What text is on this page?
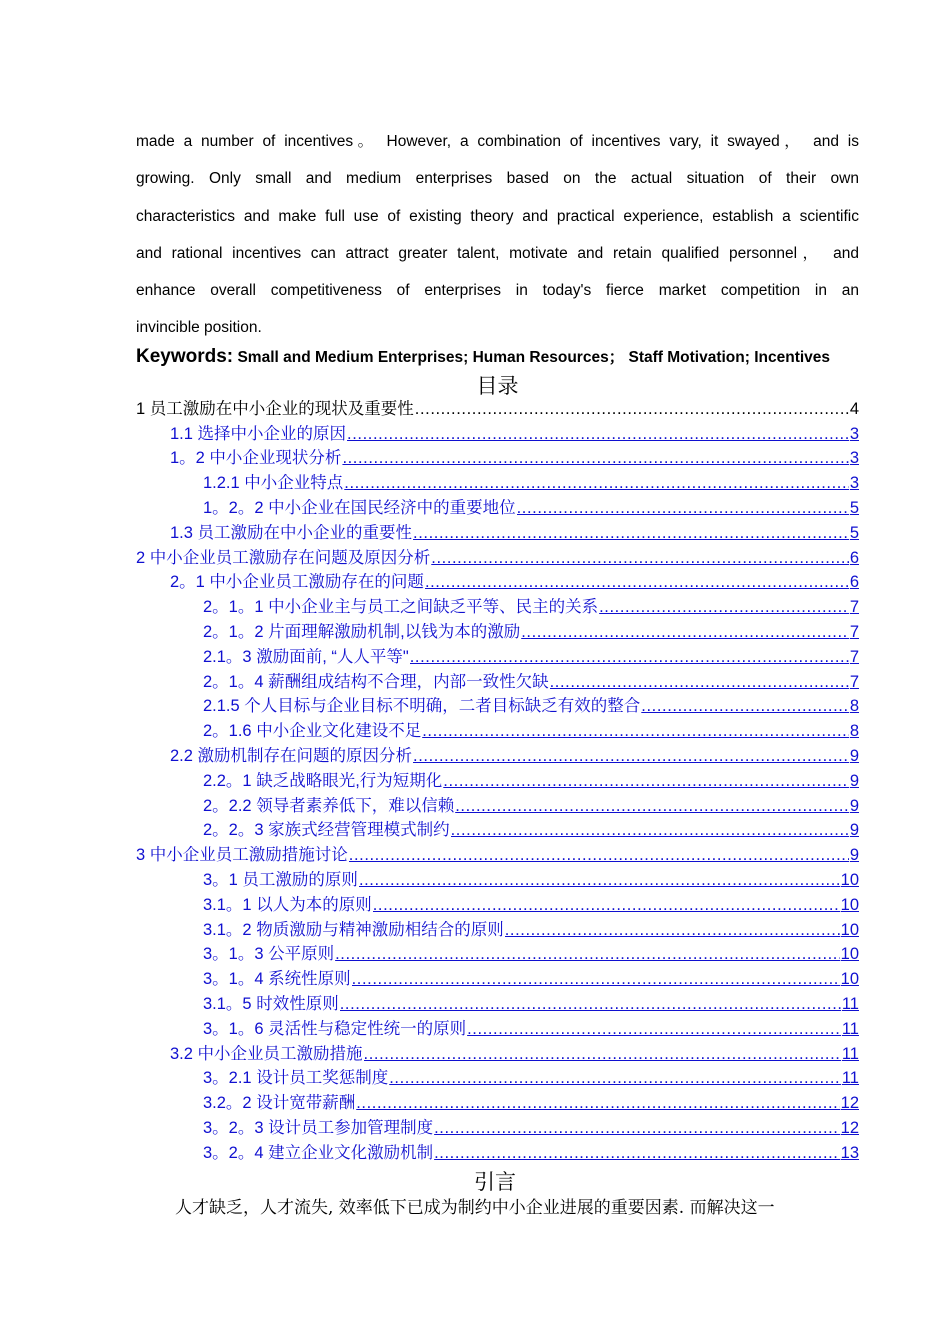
made a number of incentives。 However, a combination of incentives vary, it swayed， and is
growing. Only small and medium enterprises based on the actual situation of their own
characteristics and make full use of existing theory and practical experience, establish a scientific
and rational incentives can attract greater talent, motivate and retain qualified personnel， and
enhance overall competitiveness of enterprises in today's fierce market competition in an
invincible position.
Keywords: Small and Medium Enterprises; Human Resources； Staff Motivation; Incentives
目录
1 员工激励在中小企业的现状及重要性 .....	4
1.1 选择中小企业的原因 .....	3
1。2 中小企业现状分析 .....	3
1.2.1 中小企业特点 .....	3
1。2。2 中小企业在国民经济中的重要地位 .....	5
1.3 员工激励在中小企业的重要性 .....	5
2 中小企业员工激励存在问题及原因分析 .....	6
2。1 中小企业员工激励存在的问题 .....	6
2。1。1 中小企业主与员工之间缺乏平等、民主的关系 .....	7
2。1。2 片面理解激励机制,以钱为本的激励 .....	7
2.1。3 激励面前, “人人平等" .....	7
2。1。4 薪酬组成结构不合理，内部一致性欠缺 .....	7
2.1.5 个人目标与企业目标不明确，二者目标缺乏有效的整合 .....	8
2。1.6 中小企业文化建设不足 .....	8
2.2 激励机制存在问题的原因分析 .....	9
2.2。1 缺乏战略眼光,行为短期化 .....	9
2。2.2 领导者素养低下，难以信赖 .....	9
2。2。3 家族式经营管理模式制约 .....	9
3 中小企业员工激励措施讨论 .....	9
3。1 员工激励的原则 .....	10
3.1。1 以人为本的原则 .....	10
3.1。2 物质激励与精神激励相结合的原则 .....	10
3。1。3 公平原则 .....	10
3。1。4 系统性原则 .....	10
3.1。5 时效性原则 .....	11
3。1。6 灵活性与稳定性统一的原则 .....	11
3.2 中小企业员工激励措施 .....	11
3。2.1 设计员工奖惩制度 .....	11
3.2。2 设计宽带薪酬 .....	12
3。2。3 设计员工参加管理制度 .....	12
3。2。4 建立企业文化激励机制 .....	13
引言
人才缺乏，人才流失, 效率低下已成为制约中小企业进展的重要因素. 而解决这一
